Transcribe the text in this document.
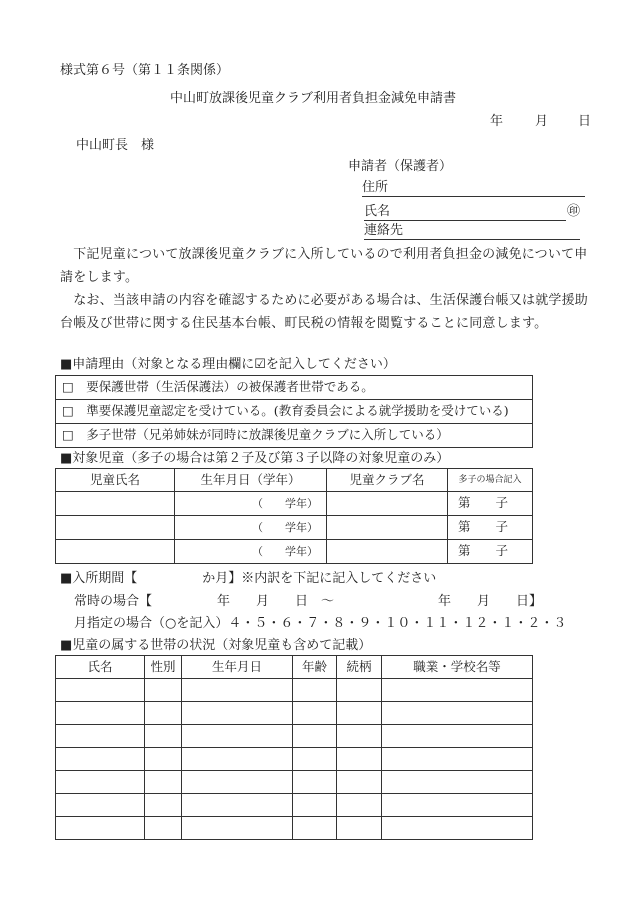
様式第６号（第１１条関係）
中山町放課後児童クラブ利用者負担金減免申請書
年 月 日
中山町長　様
申請者（保護者）
住所
氏名	㊞
連絡先
　下記児童について放課後児童クラブに入所しているので利用者負担金の減免について申
請をします。
　なお、当該申請の内容を確認するために必要がある場合は、生活保護台帳又は就学援助
台帳及び世帯に関する住民基本台帳、町民税の情報を閲覧することに同意します。
■申請理由（対象となる理由欄に☑を記入してください）
□　要保護世帯（生活保護法）の被保護者世帯である。
□　準要保護児童認定を受けている。(教育委員会による就学援助を受けている)
□　多子世帯（兄弟姉妹が同時に放課後児童クラブに入所している）
■対象児童（多子の場合は第２子及び第３子以降の対象児童のみ）
児童氏名	生年月日（学年）	児童クラブ名	多子の場合記入
	（　　学年）		第　　子
	（　　学年）		第　　子
	（　　学年）		第　　子
■入所期間【　　　　　か月】※内訳を下記に記入してください
常時の場合【　　　　　年　　月　　日　～　　　　　　　　年　　月　　日】
月指定の場合（○を記入）４・５・６・７・８・９・１０・１１・１２・１・２・３
■児童の属する世帯の状況（対象児童も含めて記載）
氏名	性別	生年月日	年齢	続柄	職業・学校名等
